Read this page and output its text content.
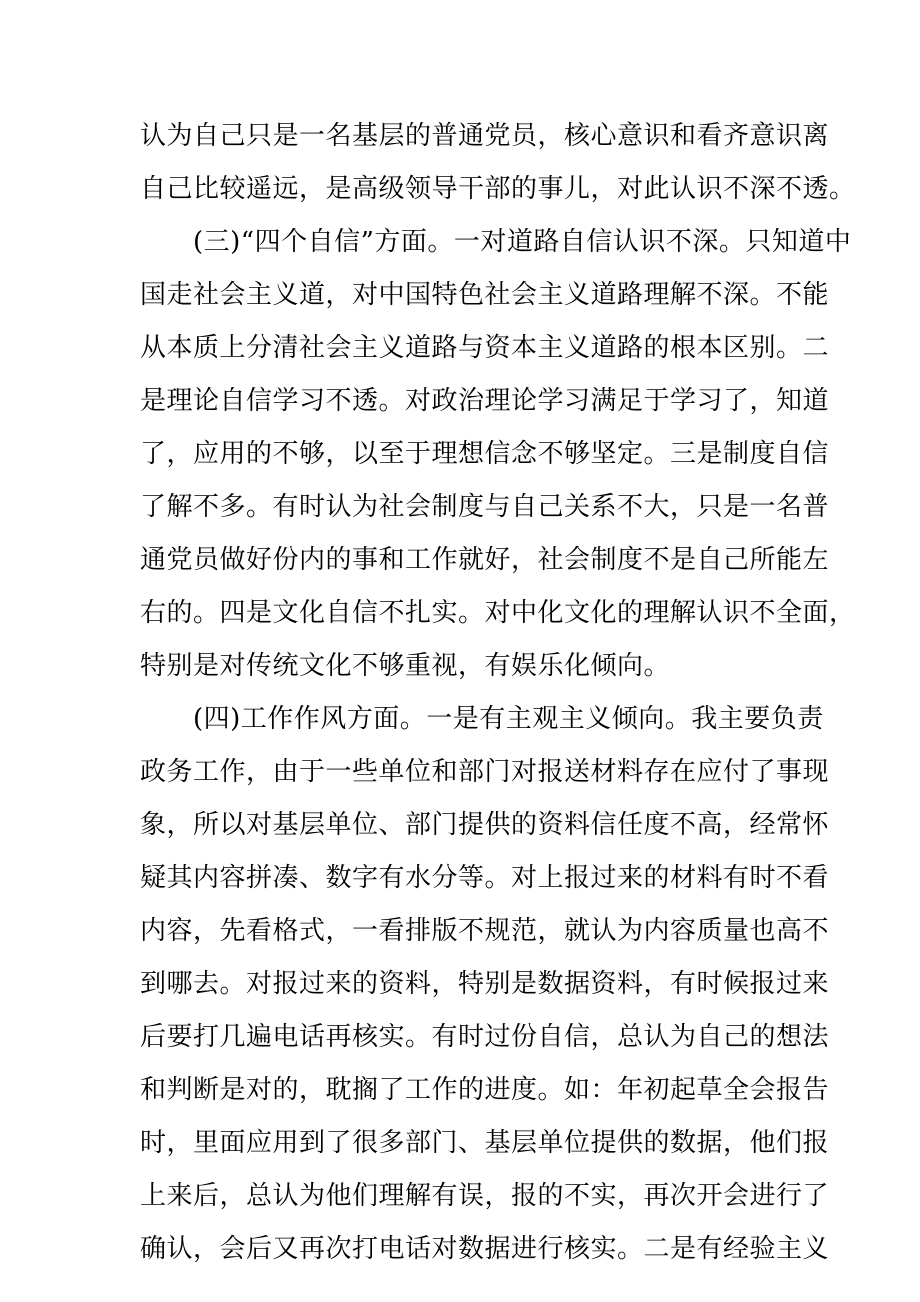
认为自己只是一名基层的普通党员，核心意识和看齐意识离
自己比较遥远，是高级领导干部的事儿，对此认识不深不透。
　　(三)“四个自信”方面。一对道路自信认识不深。只知道中
国走社会主义道，对中国特色社会主义道路理解不深。不能
从本质上分清社会主义道路与资本主义道路的根本区别。二
是理论自信学习不透。对政治理论学习满足于学习了，知道
了，应用的不够，以至于理想信念不够坚定。三是制度自信
了解不多。有时认为社会制度与自己关系不大，只是一名普
通党员做好份内的事和工作就好，社会制度不是自己所能左
右的。四是文化自信不扎实。对中化文化的理解认识不全面，
特别是对传统文化不够重视，有娱乐化倾向。
　　(四)工作作风方面。一是有主观主义倾向。我主要负责
政务工作，由于一些单位和部门对报送材料存在应付了事现
象，所以对基层单位、部门提供的资料信任度不高，经常怀
疑其内容拼凑、数字有水分等。对上报过来的材料有时不看
内容，先看格式，一看排版不规范，就认为内容质量也高不
到哪去。对报过来的资料，特别是数据资料，有时候报过来
后要打几遍电话再核实。有时过份自信，总认为自己的想法
和判断是对的，耽搁了工作的进度。如：年初起草全会报告
时，里面应用到了很多部门、基层单位提供的数据，他们报
上来后，总认为他们理解有误，报的不实，再次开会进行了
确认，会后又再次打电话对数据进行核实。二是有经验主义
